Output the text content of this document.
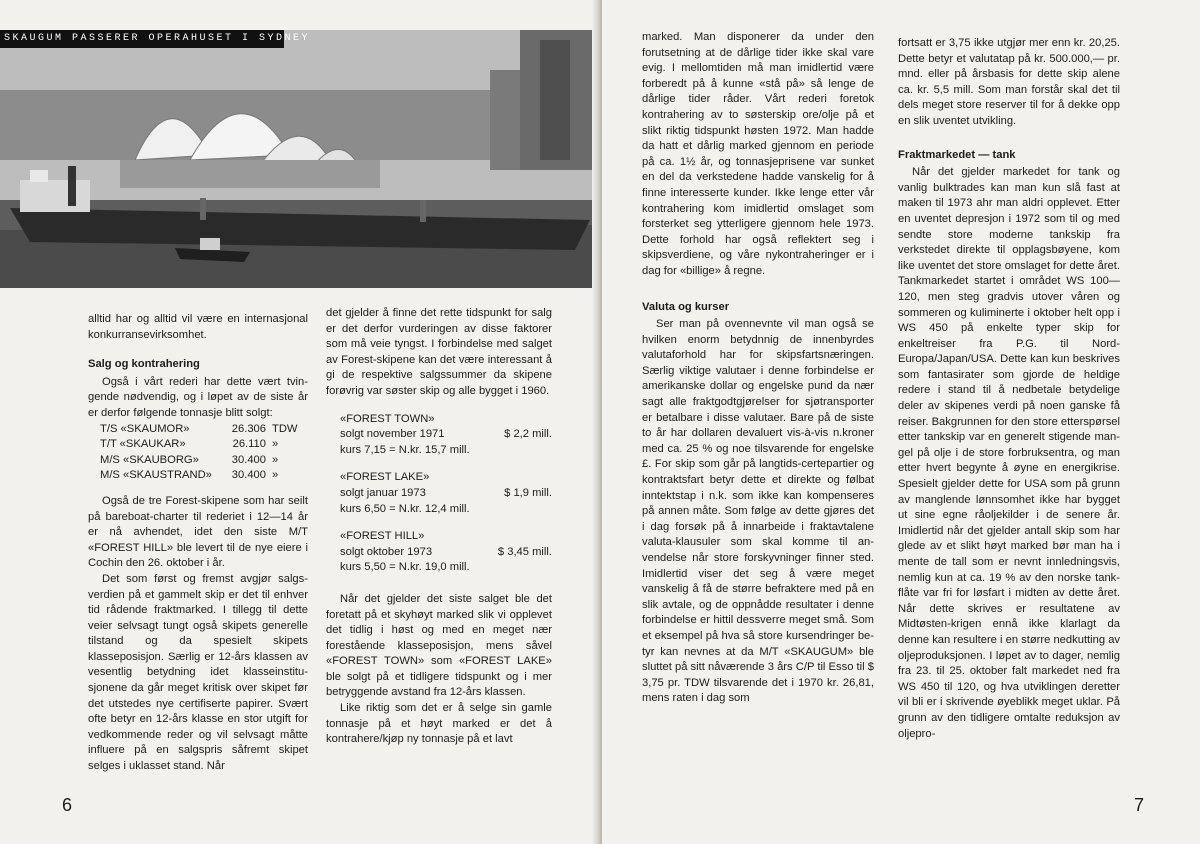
SKAUGUM PASSERER OPERAHUSET I SYDNEY

alltid har og alltid vil være en internasjonal konkurransevirksomhet.

Salg og kontrahering

Også i vårt rederi har dette vært tvingende nødvendig, og i løpet av de siste år er derfor følgende tonnasje blitt solgt:

T/S «SKAUMOR»	26.306 TDW
T/T «SKAUKAR»	26.110 »
M/S «SKAUBORG»	30.400 »
M/S «SKAUSTRAND»	30.400 »

Også de tre Forest-skipene som har seilt på bareboat-charter til rederiet i 12—14 år er nå avhendet, idet den siste M/T «FOREST HILL» ble levert til de nye eiere i Cochin den 26. oktober i år.

Det som først og fremst avgjør salgsverdien på et gammelt skip er det til enhver tid rådende fraktmarked. I tillegg til dette veier selvsagt tungt også skipets generelle tilstand og da spesielt skipets klasseposisjon. Særlig er 12-års klassen av vesentlig betydning idet klasseinstitusjonene da går meget kritisk over skipet før det utstedes nye certifiserte papirer. Svært ofte betyr en 12-års klasse en stor utgift for vedkommende reder og vil selvsagt måtte influere på en salgspris såfremt skipet selges i uklasset stand. Når

det gjelder å finne det rette tidspunkt for salg er det derfor vurderingen av disse faktorer som må veie tyngst. I forbindelse med salget av Forest-skipene kan det være interessant å gi de respektive salgssummer da skipene forøvrig var søster skip og alle bygget i 1960.

«FOREST TOWN»
solgt november 1971	$ 2,2 mill.
kurs 7,15 = N.kr. 15,7 mill.
«FOREST LAKE»
solgt januar 1973	$ 1,9 mill.
kurs 6,50 = N.kr. 12,4 mill.
«FOREST HILL»
solgt oktober 1973	$ 3,45 mill.
kurs 5,50 = N.kr. 19,0 mill.

Når det gjelder det siste salget ble det foretatt på et skyhøyt marked slik vi opplevet det tidlig i høst og med en meget nær forestående klasseposisjon, mens såvel «FOREST TOWN» som «FOREST LAKE» ble solgt på et tidligere tidspunkt og i mer betryggende avstand fra 12-års klassen.

Like riktig som det er å selge sin gamle tonnasje på et høyt marked er det å kontrahere/kjøp ny tonnasje på et lavt

6

marked. Man disponerer da under den forutsetning at de dårlige tider ikke skal vare evig. I mellomtiden må man imidlertid være forberedt på å kunne «stå på» så lenge de dårlige tider råder. Vårt rederi foretok kontrahering av to søsterskip ore/olje på et slikt riktig tidspunkt høsten 1972. Man hadde da hatt et dårlig marked gjennom en periode på ca. 1½ år, og tonnasjeprisene var sunket en del da verkstedene hadde vanskelig for å finne interesserte kunder. Ikke lenge etter vår kontrahering kom imidlertid omslaget som forsterket seg ytterligere gjennom hele 1973. Dette forhold har også reflektert seg i skipsverdiene, og våre nykontraheringer er i dag for «billige» å regne.

Valuta og kurser

Ser man på ovennevnte vil man også se hvilken enorm betydnnig de innenbyrdes valutaforhold har for skipsfartsnæringen. Særlig viktige valutaer i denne forbindelse er amerikanske dollar og engelske pund da nær sagt alle fraktgodtgjørelser for sjøtransporter er betalbare i disse valutaer. Bare på de siste to år har dollaren devaluert vis-à-vis n.kroner med ca. 25 % og noe tilsvarende for engelske £. For skip som går på langtids-certepartier og kontraktsfart betyr dette et direkte og følbat inntektstap i n.k. som ikke kan kompenseres på annen måte. Som følge av dette gjøres det i dag forsøk på å innarbeide i fraktavtalene valuta-klausuler som skal komme til anvendelse når store forskyvninger finner sted. Imidlertid viser det seg å være meget vanskelig å få de større befraktere med på en slik avtale, og de oppnådde resultater i denne forbindelse er hittil dessverre meget små. Som et eksempel på hva så store kursendringer betyr kan nevnes at da M/T «SKAUGUM» ble sluttet på sitt nåværende 3 års C/P til Esso til $ 3,75 pr. TDW tilsvarende det i 1970 kr. 26,81, mens raten i dag som

fortsatt er 3,75 ikke utgjør mer enn kr. 20,25. Dette betyr et valutatap på kr. 500.000,— pr. mnd. eller på årsbasis for dette skip alene ca. kr. 5,5 mill. Som man forstår skal det til dels meget store reserver til for å dekke opp en slik uventet utvikling.

Fraktmarkedet — tank

Når det gjelder markedet for tank og vanlig bulktrades kan man kun slå fast at maken til 1973 ahr man aldri opplevet. Etter en uventet depresjon i 1972 som til og med sendte store moderne tankskip fra verkstedet direkte til opplagsbøyene, kom like uventet det store omslaget for dette året. Tankmarkedet startet i området WS 100—120, men steg gradvis utover våren og sommeren og kuliminerte i oktober helt opp i WS 450 på enkelte typer skip for enkeltreiser fra P.G. til Nord-Europa/Japan/USA. Dette kan kun beskrives som fantasirater som gjorde de heldige redere i stand til å nedbetale betydelige deler av skipenes verdi på noen ganske få reiser. Bakgrunnen for den store etterspørsel etter tankskip var en generelt stigende mangel på olje i de store forbruksentra, og man etter hvert begynte å øyne en energikrise. Spesielt gjelder dette for USA som på grunn av manglende lønnsomhet ikke har bygget ut sine egne råoljekilder i de senere år. Imidlertid når det gjelder antall skip som har glede av et slikt høyt marked bør man ha i mente de tall som er nevnt innledningsvis, nemlig kun at ca. 19 % av den norske tankflåte var fri for løsfart i midten av dette året. Når dette skrives er resultatene av Midtøsten-krigen ennå ikke klarlagt da denne kan resultere i en større nedkutting av oljeproduksjonen. I løpet av to dager, nemlig fra 23. til 25. oktober falt markedet ned fra WS 450 til 120, og hva utviklingen deretter vil bli er i skrivende øyeblikk meget uklar. På grunn av den tidligere omtalte reduksjon av oljepro-

7
